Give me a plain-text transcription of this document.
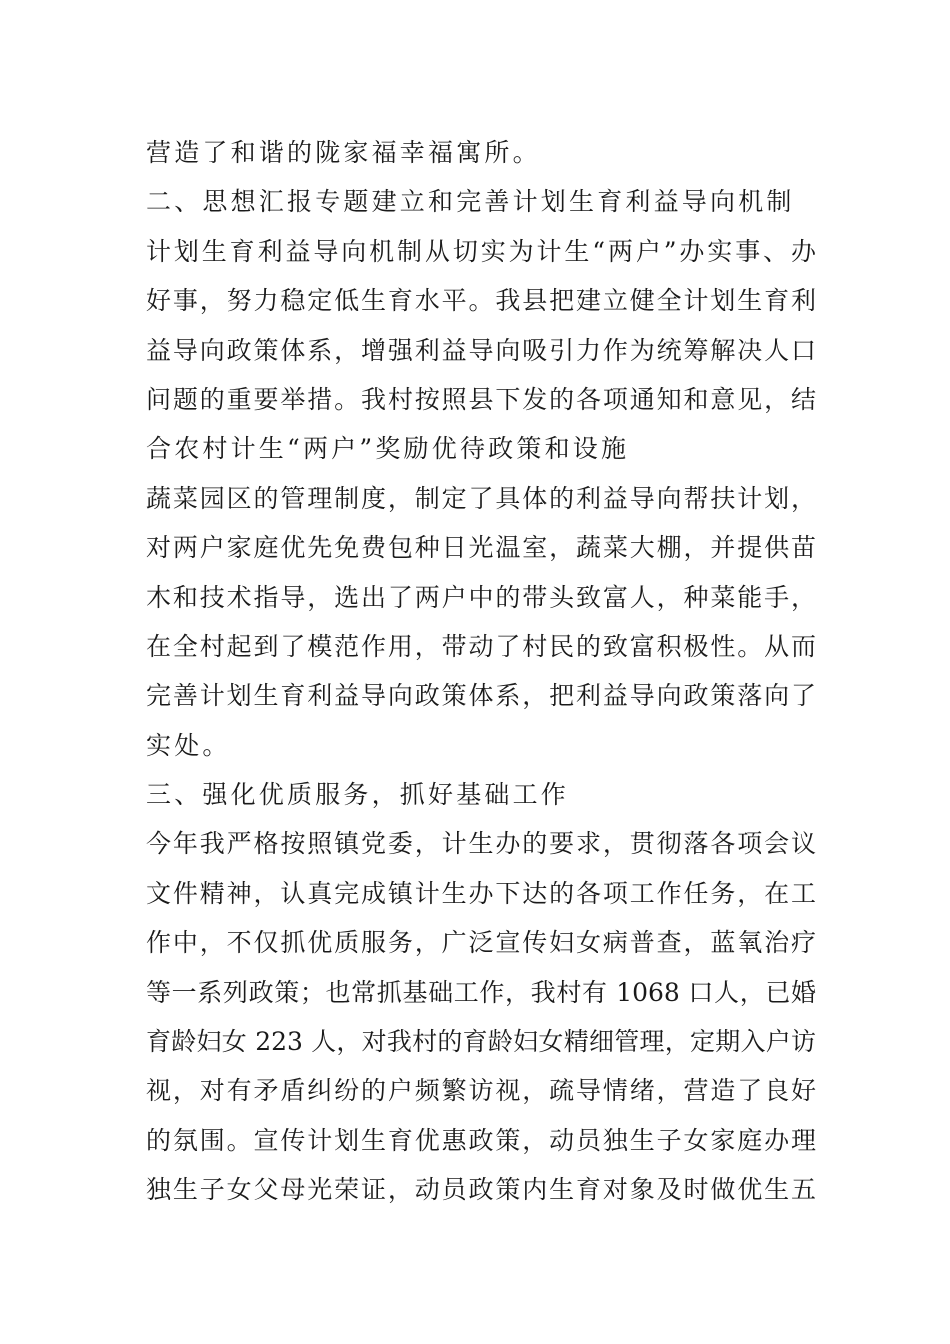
营造了和谐的陇家福幸福寓所。
二、思想汇报专题建立和完善计划生育利益导向机制
计划生育利益导向机制从切实为计生“两户”办实事、办
好事，努力稳定低生育水平。我县把建立健全计划生育利
益导向政策体系，增强利益导向吸引力作为统筹解决人口
问题的重要举措。我村按照县下发的各项通知和意见，结
合农村计生“两户”奖励优待政策和设施
蔬菜园区的管理制度，制定了具体的利益导向帮扶计划，
对两户家庭优先免费包种日光温室，蔬菜大棚，并提供苗
木和技术指导，选出了两户中的带头致富人，种菜能手，
在全村起到了模范作用，带动了村民的致富积极性。从而
完善计划生育利益导向政策体系，把利益导向政策落向了
实处。
三、强化优质服务，抓好基础工作
今年我严格按照镇党委，计生办的要求，贯彻落各项会议
文件精神，认真完成镇计生办下达的各项工作任务，在工
作中，不仅抓优质服务，广泛宣传妇女病普查，蓝氧治疗
等一系列政策；也常抓基础工作，我村有 1068 口人，已婚
育龄妇女 223 人，对我村的育龄妇女精细管理，定期入户访
视，对有矛盾纠纷的户频繁访视，疏导情绪，营造了良好
的氛围。宣传计划生育优惠政策，动员独生子女家庭办理
独生子女父母光荣证，动员政策内生育对象及时做优生五
